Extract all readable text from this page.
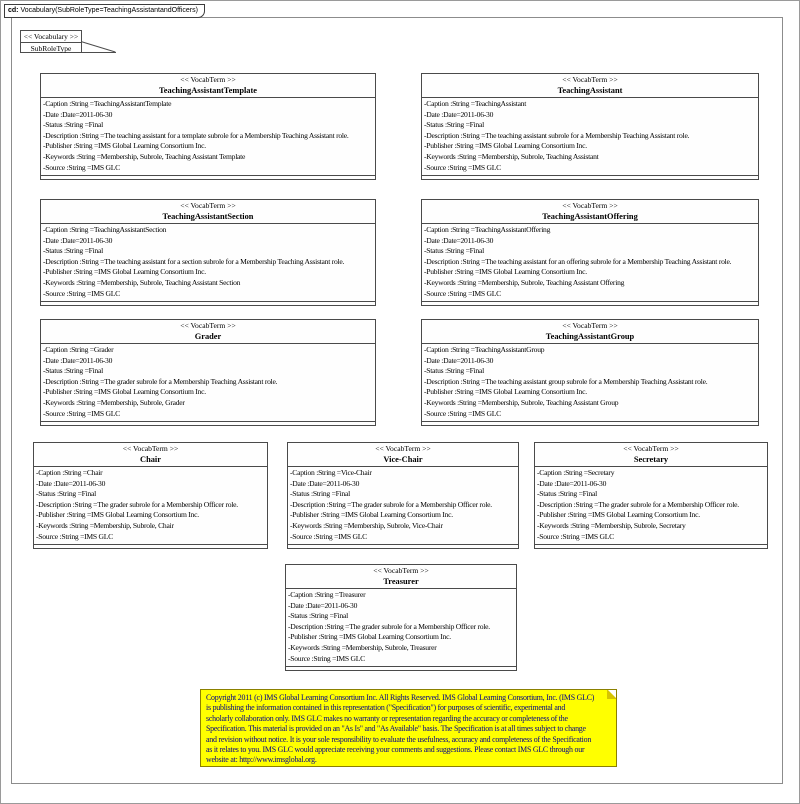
cd: Vocabulary(SubRoleType=TeachingAssistantandOfficers)
<< Vocabulary >>
SubRoleType
<< VocabTerm >>
TeachingAssistantTemplate
-Caption :String =TeachingAssistantTemplate
-Date :Date=2011-06-30
-Status :String =Final
-Description :String =The teaching assistant for a template subrole for a Membership Teaching Assistant role.
-Publisher :String =IMS Global Learning Consortium Inc.
-Keywords :String =Membership, Subrole, Teaching Assistant Template
-Source :String =IMS GLC
<< VocabTerm >>
TeachingAssistant
-Caption :String =TeachingAssistant
-Date :Date=2011-06-30
-Status :String =Final
-Description :String =The teaching assistant subrole for a Membership Teaching Assistant role.
-Publisher :String =IMS Global Learning Consortium Inc.
-Keywords :String =Membership, Subrole, Teaching Assistant
-Source :String =IMS GLC
<< VocabTerm >>
TeachingAssistantSection
-Caption :String =TeachingAssistantSection
-Date :Date=2011-06-30
-Status :String =Final
-Description :String =The teaching assistant for a section subrole for a Membership Teaching Assistant role.
-Publisher :String =IMS Global Learning Consortium Inc.
-Keywords :String =Membership, Subrole, Teaching Assistant Section
-Source :String =IMS GLC
<< VocabTerm >>
TeachingAssistantOffering
-Caption :String =TeachingAssistantOffering
-Date :Date=2011-06-30
-Status :String =Final
-Description :String =The teaching assistant for an offering subrole for a Membership Teaching Assistant role.
-Publisher :String =IMS Global Learning Consortium Inc.
-Keywords :String =Membership, Subrole, Teaching Assistant Offering
-Source :String =IMS GLC
<< VocabTerm >>
Grader
-Caption :String =Grader
-Date :Date=2011-06-30
-Status :String =Final
-Description :String =The grader subrole for a Membership Teaching Assistant role.
-Publisher :String =IMS Global Learning Consortium Inc.
-Keywords :String =Membership, Subrole, Grader
-Source :String =IMS GLC
<< VocabTerm >>
TeachingAssistantGroup
-Caption :String =TeachingAssistantGroup
-Date :Date=2011-06-30
-Status :String =Final
-Description :String =The teaching assistant group subrole for a Membership Teaching Assistant role.
-Publisher :String =IMS Global Learning Consortium Inc.
-Keywords :String =Membership, Subrole, Teaching Assistant Group
-Source :String =IMS GLC
<< VocabTerm >>
Chair
-Caption :String =Chair
-Date :Date=2011-06-30
-Status :String =Final
-Description :String =The grader subrole for a Membership Officer role.
-Publisher :String =IMS Global Learning Consortium Inc.
-Keywords :String =Membership, Subrole, Chair
-Source :String =IMS GLC
<< VocabTerm >>
Vice-Chair
-Caption :String =Vice-Chair
-Date :Date=2011-06-30
-Status :String =Final
-Description :String =The grader subrole for a Membership Officer role.
-Publisher :String =IMS Global Learning Consortium Inc.
-Keywords :String =Membership, Subrole, Vice-Chair
-Source :String =IMS GLC
<< VocabTerm >>
Secretary
-Caption :String =Secretary
-Date :Date=2011-06-30
-Status :String =Final
-Description :String =The grader subrole for a Membership Officer role.
-Publisher :String =IMS Global Learning Consortium Inc.
-Keywords :String =Membership, Subrole, Secretary
-Source :String =IMS GLC
<< VocabTerm >>
Treasurer
-Caption :String =Treasurer
-Date :Date=2011-06-30
-Status :String =Final
-Description :String =The grader subrole for a Membership Officer role.
-Publisher :String =IMS Global Learning Consortium Inc.
-Keywords :String =Membership, Subrole, Treasurer
-Source :String =IMS GLC
Copyright 2011 (c) IMS Global Learning Consortium Inc. All Rights Reserved. IMS Global Learning Consortium, Inc. (IMS GLC)
is publishing the information contained in this representation ("Specification") for purposes of scientific, experimental and
scholarly collaboration only. IMS GLC makes no warranty or representation regarding the accuracy or completeness of the
Specification. This material is provided on an "As Is" and "As Available" basis. The Specification is at all times subject to change
and revision without notice. It is your sole responsibility to evaluate the usefulness, accuracy and completeness of the Specification
as it relates to you. IMS GLC would appreciate receiving your comments and suggestions. Please contact IMS GLC through our
website at: http://www.imsglobal.org.
